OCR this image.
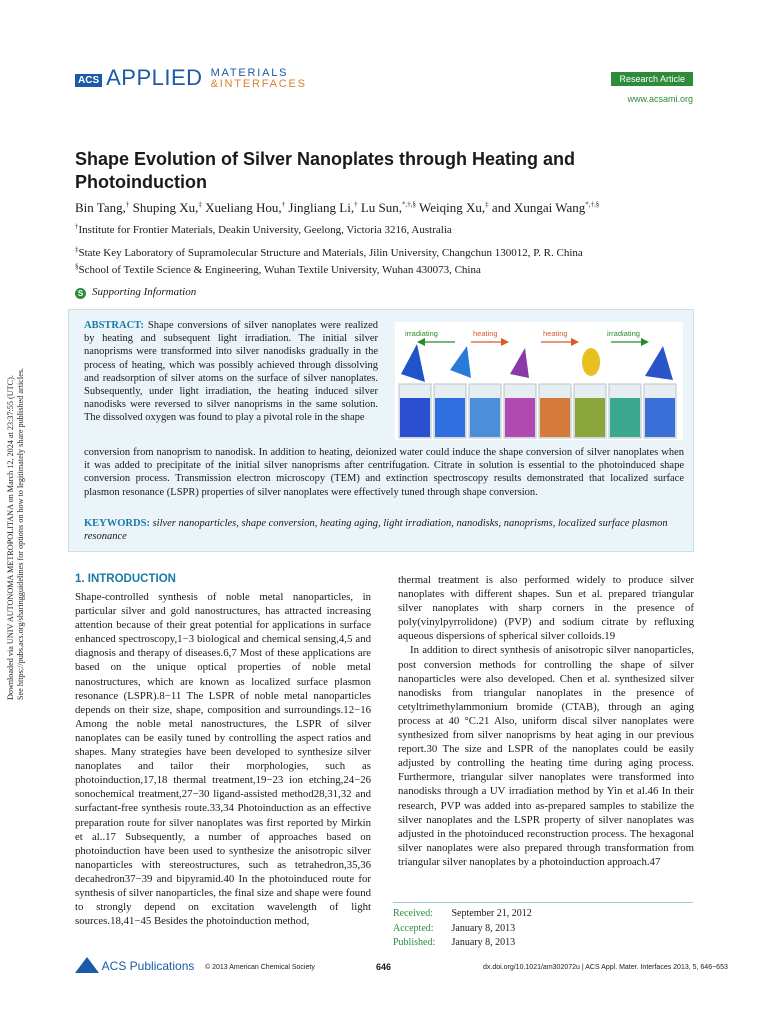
Downloaded via UNIV AUTONOMA METROPOLITANA on March 12, 2024 at 23:37:55 (UTC). See https://pubs.acs.org/sharingguidelines for options on how to legitimately share published articles.
ACS APPLIED MATERIALS
&INTERFACES	Research Article
www.acsami.org
Shape Evolution of Silver Nanoplates through Heating and Photoinduction
Bin Tang,† Shuping Xu,‡ Xueliang Hou,† Jingliang Li,† Lu Sun,*,†,§ Weiqing Xu,‡ and Xungai Wang*,†,§
†Institute for Frontier Materials, Deakin University, Geelong, Victoria 3216, Australia
‡State Key Laboratory of Supramolecular Structure and Materials, Jilin University, Changchun 130012, P. R. China
§School of Textile Science & Engineering, Wuhan Textile University, Wuhan 430073, China
S Supporting Information
ABSTRACT: Shape conversions of silver nanoplates were realized by heating and subsequent light irradiation. The initial silver nanoprisms were transformed into silver nanodisks gradually in the process of heating, which was possibly achieved through dissolving and readsorption of silver atoms on the surface of silver nanoplates. Subsequently, under light irradiation, the heating induced silver nanodisks were reversed to silver nanoprisms in the same solution. The dissolved oxygen was found to play a pivotal role in the shape
conversion from nanoprism to nanodisk. In addition to heating, deionized water could induce the shape conversion of silver nanoplates when it was added to precipitate of the initial silver nanoprisms after centrifugation. Citrate in solution is essential to the photoinduced shape conversion process. Transmission electron microscopy (TEM) and extinction spectroscopy results demonstrated that localized surface plasmon resonance (LSPR) properties of silver nanoplates were effectively tuned through shape conversion.
KEYWORDS: silver nanoparticles, shape conversion, heating aging, light irradiation, nanodisks, nanoprisms, localized surface plasmon resonance
irradiating	heating	heating	irradiating
1. INTRODUCTION

Shape-controlled synthesis of noble metal nanoparticles, in particular silver and gold nanostructures, has attracted increasing attention because of their great potential for applications in surface enhanced spectroscopy,1−3 biological and chemical sensing,4,5 and diagnosis and therapy of diseases.6,7 Most of these applications are based on the unique optical properties of noble metal nanostructures, which are known as localized surface plasmon resonance (LSPR).8−11 The LSPR of noble metal nanoparticles depends on their size, shape, composition and surroundings.12−16 Among the noble metal nanostructures, the LSPR of silver nanoplates can be easily tuned by controlling the aspect ratios and shapes. Many strategies have been developed to synthesize silver nanoplates and tailor their morphologies, such as photoinduction,17,18 thermal treatment,19−23 ion etching,24−26 sonochemical treatment,27−30 ligand-assisted method28,31,32 and surfactant-free synthesis route.33,34 Photoinduction as an effective preparation route for silver nanoplates was first reported by Mirkin et al..17 Subsequently, a number of approaches based on photoinduction have been used to synthesize the anisotropic silver nanoparticles with stereostructures, such as tetrahedron,35,36 decahedron37−39 and bipyramid.40 In the photoinduced route for synthesis of silver nanoparticles, the final size and shape were found to strongly depend on excitation wavelength of light sources.18,41−45 Besides the photoinduction method,

thermal treatment is also performed widely to produce silver nanoplates with different shapes. Sun et al. prepared triangular silver nanoplates with sharp corners in the presence of poly(vinylpyrrolidone) (PVP) and sodium citrate by refluxing aqueous dispersions of spherical silver colloids.19

In addition to direct synthesis of anisotropic silver nanoparticles, post conversion methods for controlling the shape of silver nanoparticles were also developed. Chen et al. synthesized silver nanodisks from triangular nanoplates in the presence of cetyltrimethylammonium bromide (CTAB), through an aging process at 40 °C.21 Also, uniform discal silver nanoplates were synthesized from silver nanoprisms by heat aging in our previous report.30 The size and LSPR of the nanoplates could be easily adjusted by controlling the heating time during aging process. Furthermore, triangular silver nanoplates were transformed into nanodisks through a UV irradiation method by Yin et al.46 In their research, PVP was added into as-prepared samples to stabilize the silver nanoplates and the LSPR property of silver nanoplates was adjusted in the photoinduced reconstruction process. The hexagonal silver nanoplates were also prepared through transformation from triangular silver nanoplates by a photoinduction approach.47

Received: September 21, 2012
Accepted: January 8, 2013
Published: January 8, 2013
ACS Publications © 2013 American Chemical Society	646	dx.doi.org/10.1021/am302072u | ACS Appl. Mater. Interfaces 2013, 5, 646−653
